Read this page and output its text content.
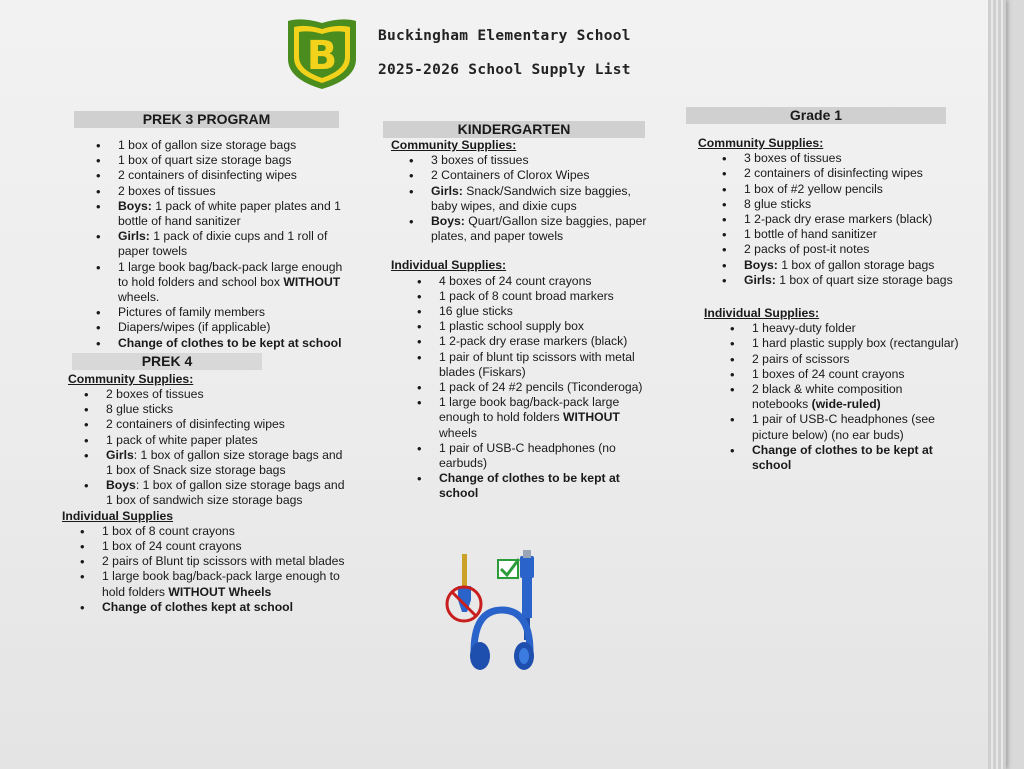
B	Buckingham Elementary School
2025-2026 School Supply List
PREK 3 PROGRAM
• 1 box of gallon size storage bags
• 1 box of quart size storage bags
• 2 containers of disinfecting wipes
• 2 boxes of tissues
• Boys: 1 pack of white paper plates and 1 bottle of hand sanitizer
• Girls: 1 pack of dixie cups and 1 roll of paper towels
• 1 large book bag/back-pack large enough to hold folders and school box WITHOUT wheels.
• Pictures of family members
• Diapers/wipes (if applicable)
• Change of clothes to be kept at school
PREK 4
Community Supplies:
• 2 boxes of tissues
• 8 glue sticks
• 2 containers of disinfecting wipes
• 1 pack of white paper plates
• Girls: 1 box of gallon size storage bags and 1 box of Snack size storage bags
• Boys: 1 box of gallon size storage bags and 1 box of sandwich size storage bags
Individual Supplies
• 1 box of 8 count crayons
• 1 box of 24 count crayons
• 2 pairs of Blunt tip scissors with metal blades
• 1 large book bag/back-pack large enough to hold folders WITHOUT Wheels
• Change of clothes kept at school
KINDERGARTEN
Community Supplies:
• 3 boxes of tissues
• 2 Containers of Clorox Wipes
• Girls: Snack/Sandwich size baggies, baby wipes, and dixie cups
• Boys: Quart/Gallon size baggies, paper plates, and paper towels
Individual Supplies:
• 4 boxes of 24 count crayons
• 1 pack of 8 count broad markers
• 16 glue sticks
• 1 plastic school supply box
• 1 2-pack dry erase markers (black)
• 1 pair of blunt tip scissors with metal blades (Fiskars)
• 1 pack of 24 #2 pencils (Ticonderoga)
• 1 large book bag/back-pack large enough to hold folders WITHOUT wheels
• 1 pair of USB-C headphones (no earbuds)
• Change of clothes to be kept at school
Grade 1
Community Supplies:
• 3 boxes of tissues
• 2 containers of disinfecting wipes
• 1 box of #2 yellow pencils
• 8 glue sticks
• 1 2-pack dry erase markers (black)
• 1 bottle of hand sanitizer
• 2 packs of post-it notes
• Boys: 1 box of gallon storage bags
• Girls: 1 box of quart size storage bags
Individual Supplies:
• 1 heavy-duty folder
• 1 hard plastic supply box (rectangular)
• 2 pairs of scissors
• 1 boxes of 24 count crayons
• 2 black & white composition notebooks (wide-ruled)
• 1 pair of USB-C headphones (see picture below) (no ear buds)
• Change of clothes to be kept at school
